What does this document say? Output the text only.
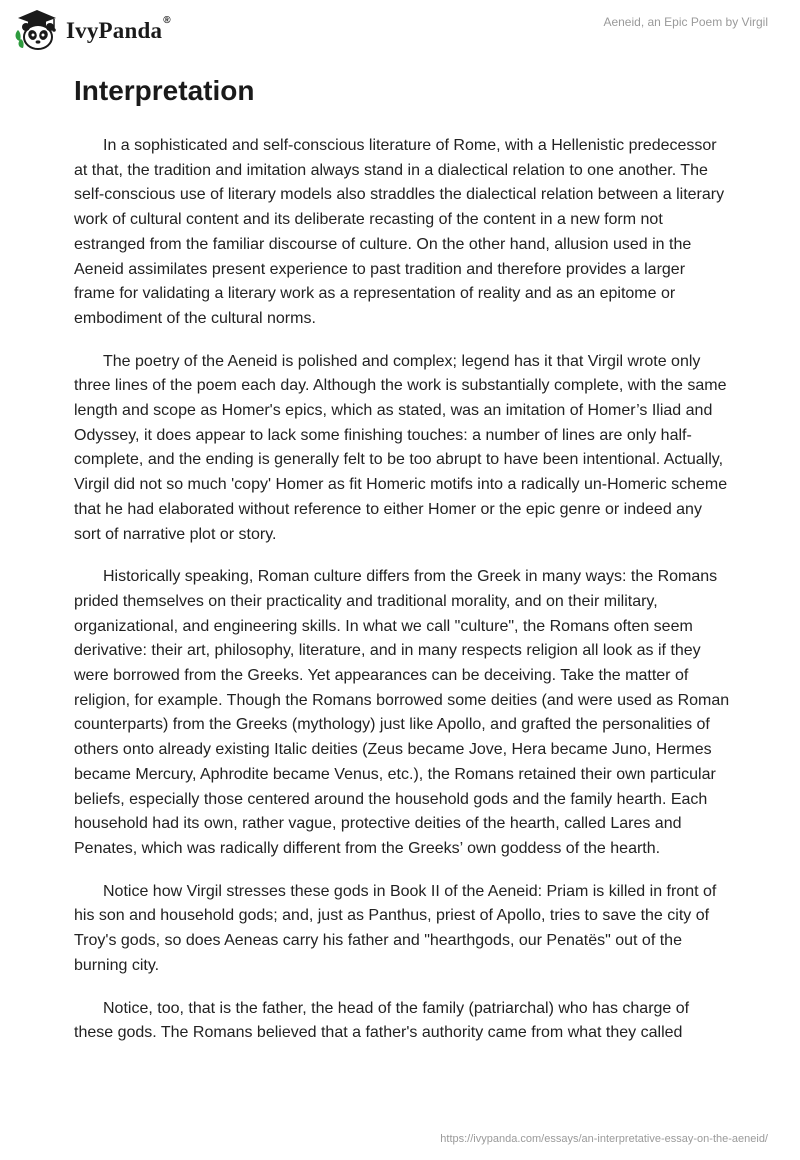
IvyPanda®	Aeneid, an Epic Poem by Virgil
Interpretation

In a sophisticated and self-conscious literature of Rome, with a Hellenistic predecessor at that, the tradition and imitation always stand in a dialectical relation to one another. The self-conscious use of literary models also straddles the dialectical relation between a literary work of cultural content and its deliberate recasting of the content in a new form not estranged from the familiar discourse of culture. On the other hand, allusion used in the Aeneid assimilates present experience to past tradition and therefore provides a larger frame for validating a literary work as a representation of reality and as an epitome or embodiment of the cultural norms.

The poetry of the Aeneid is polished and complex; legend has it that Virgil wrote only three lines of the poem each day. Although the work is substantially complete, with the same length and scope as Homer's epics, which as stated, was an imitation of Homer’s Iliad and Odyssey, it does appear to lack some finishing touches: a number of lines are only half-complete, and the ending is generally felt to be too abrupt to have been intentional. Actually, Virgil did not so much 'copy' Homer as fit Homeric motifs into a radically un-Homeric scheme that he had elaborated without reference to either Homer or the epic genre or indeed any sort of narrative plot or story.

Historically speaking, Roman culture differs from the Greek in many ways: the Romans prided themselves on their practicality and traditional morality, and on their military, organizational, and engineering skills. In what we call "culture", the Romans often seem derivative: their art, philosophy, literature, and in many respects religion all look as if they were borrowed from the Greeks. Yet appearances can be deceiving. Take the matter of religion, for example. Though the Romans borrowed some deities (and were used as Roman counterparts) from the Greeks (mythology) just like Apollo, and grafted the personalities of others onto already existing Italic deities (Zeus became Jove, Hera became Juno, Hermes became Mercury, Aphrodite became Venus, etc.), the Romans retained their own particular beliefs, especially those centered around the household gods and the family hearth. Each household had its own, rather vague, protective deities of the hearth, called Lares and Penates, which was radically different from the Greeks’ own goddess of the hearth.

Notice how Virgil stresses these gods in Book II of the Aeneid: Priam is killed in front of his son and household gods; and, just as Panthus, priest of Apollo, tries to save the city of Troy's gods, so does Aeneas carry his father and "hearthgods, our Penatës" out of the burning city.

Notice, too, that is the father, the head of the family (patriarchal) who has charge of these gods. The Romans believed that a father's authority came from what they called

https://ivypanda.com/essays/an-interpretative-essay-on-the-aeneid/
